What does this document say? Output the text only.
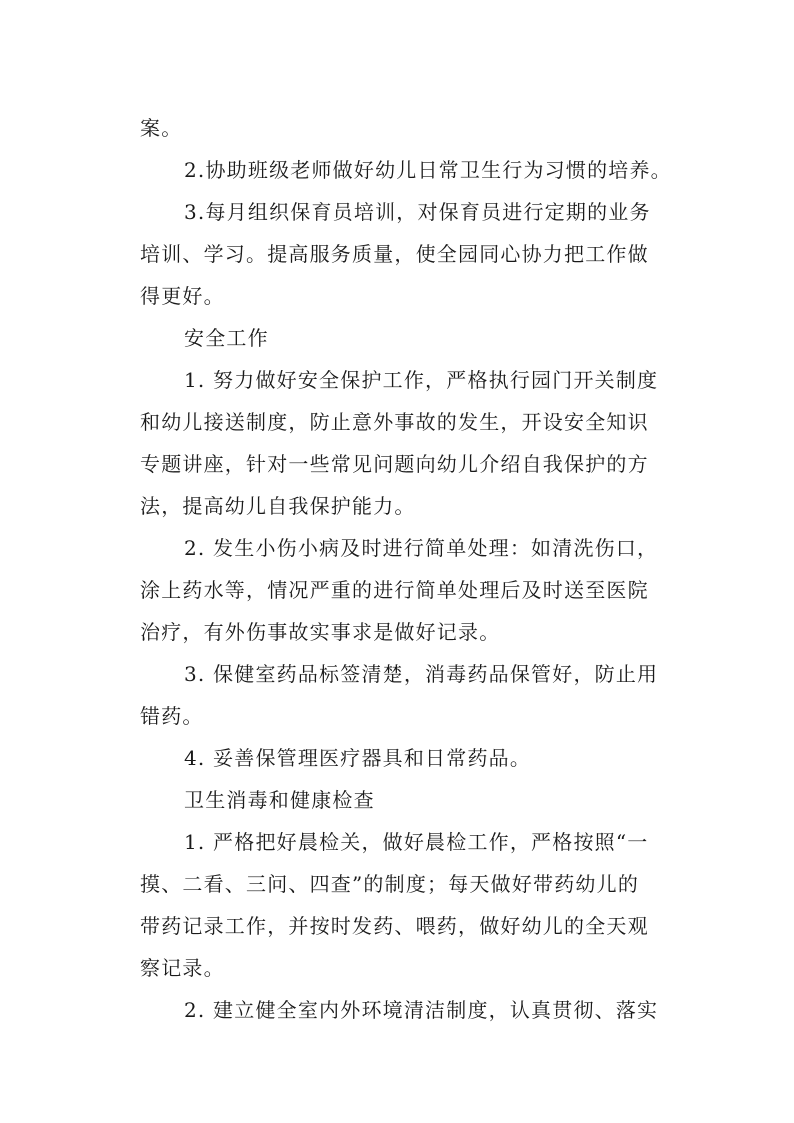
案。
2.协助班级老师做好幼儿日常卫生行为习惯的培养。
3.每月组织保育员培训，对保育员进行定期的业务
培训、学习。提高服务质量，使全园同心协力把工作做
得更好。
安全工作
1. 努力做好安全保护工作，严格执行园门开关制度
和幼儿接送制度，防止意外事故的发生，开设安全知识
专题讲座，针对一些常见问题向幼儿介绍自我保护的方
法，提高幼儿自我保护能力。
2. 发生小伤小病及时进行简单处理：如清洗伤口，
涂上药水等，情况严重的进行简单处理后及时送至医院
治疗，有外伤事故实事求是做好记录。
3. 保健室药品标签清楚，消毒药品保管好，防止用
错药。
4. 妥善保管理医疗器具和日常药品。
卫生消毒和健康检查
1. 严格把好晨检关，做好晨检工作，严格按照“一
摸、二看、三问、四查”的制度；每天做好带药幼儿的
带药记录工作，并按时发药、喂药，做好幼儿的全天观
察记录。
2. 建立健全室内外环境清洁制度，认真贯彻、落实
